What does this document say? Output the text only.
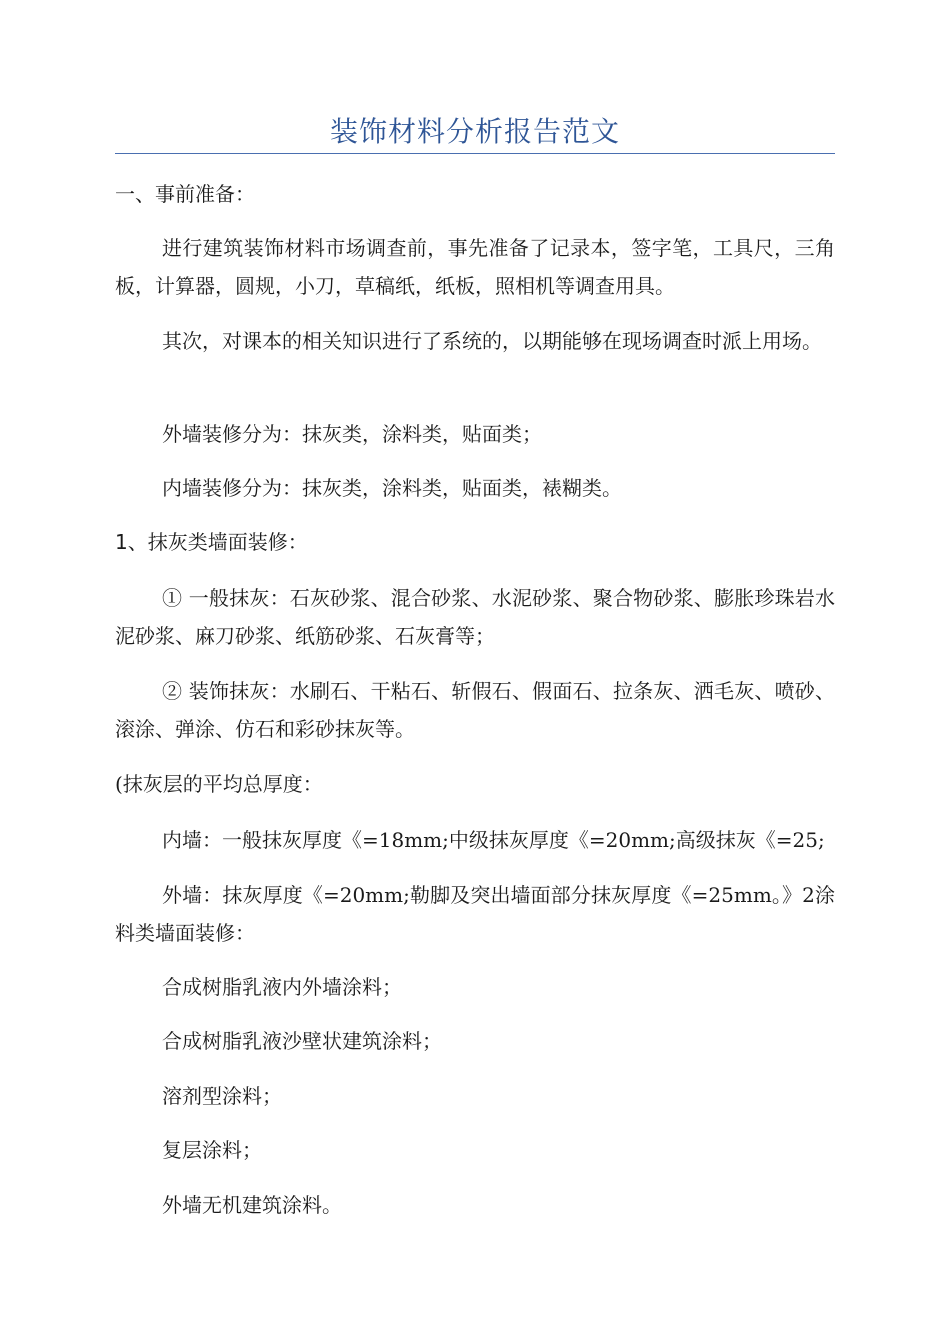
装饰材料分析报告范文

一、事前准备：

进行建筑装饰材料市场调查前，事先准备了记录本，签字笔，工具尺，三角板，计算器，圆规，小刀，草稿纸，纸板，照相机等调查用具。

其次，对课本的相关知识进行了系统的，以期能够在现场调查时派上用场。

外墙装修分为：抹灰类，涂料类，贴面类；

内墙装修分为：抹灰类，涂料类，贴面类，裱糊类。

1、抹灰类墙面装修：

① 一般抹灰：石灰砂浆、混合砂浆、水泥砂浆、聚合物砂浆、膨胀珍珠岩水泥砂浆、麻刀砂浆、纸筋砂浆、石灰膏等；

② 装饰抹灰：水刷石、干粘石、斩假石、假面石、拉条灰、洒毛灰、喷砂、滚涂、弹涂、仿石和彩砂抹灰等。

(抹灰层的平均总厚度：

内墙：一般抹灰厚度《=18mm;中级抹灰厚度《=20mm;高级抹灰《=25;

外墙：抹灰厚度《=20mm;勒脚及突出墙面部分抹灰厚度《=25mm。》2涂料类墙面装修：

合成树脂乳液内外墙涂料；

合成树脂乳液沙壁状建筑涂料；

溶剂型涂料；

复层涂料；

外墙无机建筑涂料。
